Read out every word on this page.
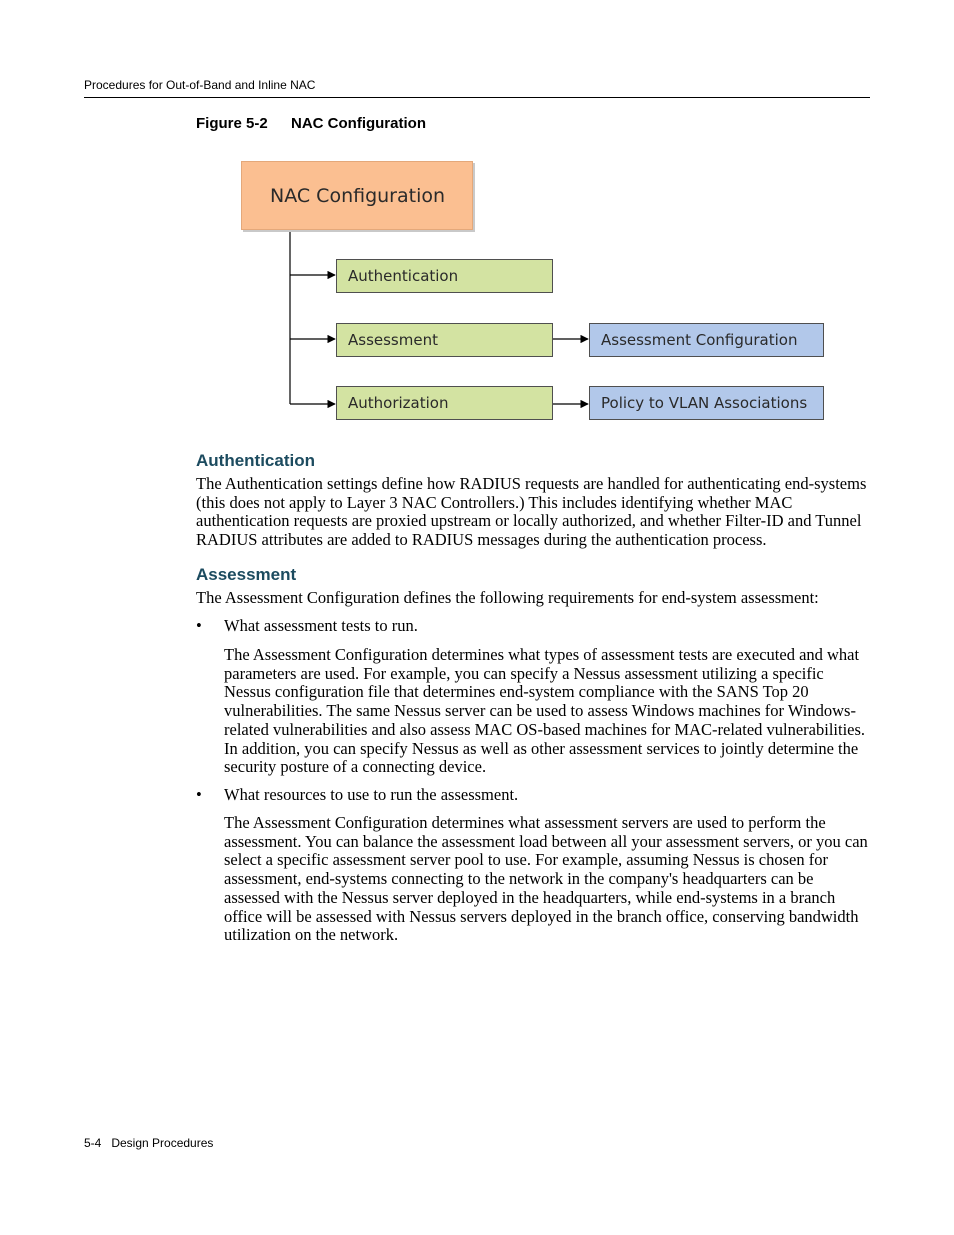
Procedures for Out-of-Band and Inline NAC
Figure 5-2 NAC Configuration
NAC Configuration
Authentication
Assessment
Authorization
Assessment Configuration
Policy to VLAN Associations
Authentication

The Authentication settings define how RADIUS requests are handled for authenticating end-systems (this does not apply to Layer 3 NAC Controllers.) This includes identifying whether MAC authentication requests are proxied upstream or locally authorized, and whether Filter-ID and Tunnel RADIUS attributes are added to RADIUS messages during the authentication process.

Assessment

The Assessment Configuration defines the following requirements for end-system assessment:

• What assessment tests to run.

The Assessment Configuration determines what types of assessment tests are executed and what parameters are used. For example, you can specify a Nessus assessment utilizing a specific Nessus configuration file that determines end-system compliance with the SANS Top 20 vulnerabilities. The same Nessus server can be used to assess Windows machines for Windows-related vulnerabilities and also assess MAC OS-based machines for MAC-related vulnerabilities. In addition, you can specify Nessus as well as other assessment services to jointly determine the security posture of a connecting device.

• What resources to use to run the assessment.

The Assessment Configuration determines what assessment servers are used to perform the assessment. You can balance the assessment load between all your assessment servers, or you can select a specific assessment server pool to use. For example, assuming Nessus is chosen for assessment, end-systems connecting to the network in the company's headquarters can be assessed with the Nessus server deployed in the headquarters, while end-systems in a branch office will be assessed with Nessus servers deployed in the branch office, conserving bandwidth utilization on the network.

5-4 Design Procedures
